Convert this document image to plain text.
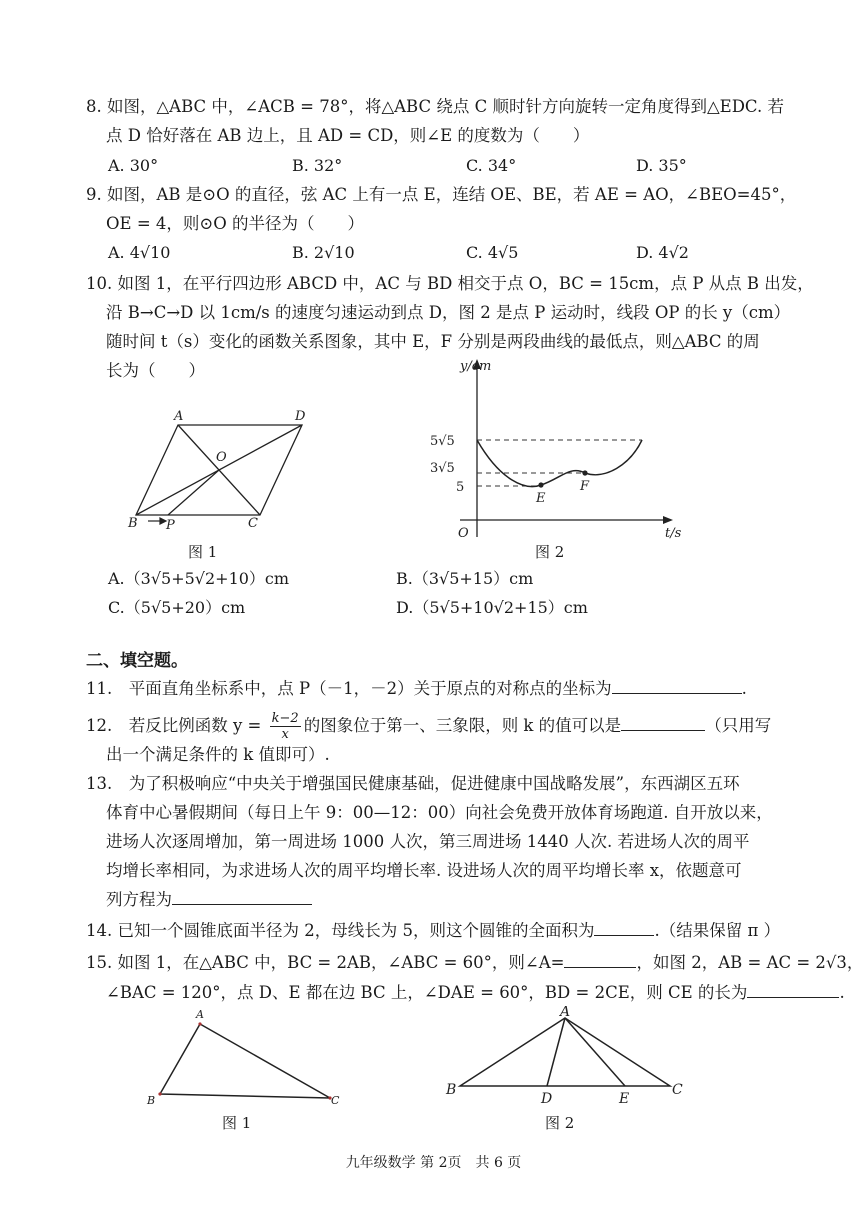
8. 如图，△ABC 中，∠ACB = 78°，将△ABC 绕点 C 顺时针方向旋转一定角度得到△EDC. 若
点 D 恰好落在 AB 边上，且 AD = CD，则∠E 的度数为（　　）
A. 30°	B. 32°	C. 34°	D. 35°
9. 如图，AB 是⊙O 的直径，弦 AC 上有一点 E，连结 OE、BE，若 AE = AO，∠BEO=45°，
OE = 4，则⊙O 的半径为（　　）
A. 4√10	B. 2√10	C. 4√5	D. 4√2
10. 如图 1，在平行四边形 ABCD 中，AC 与 BD 相交于点 O，BC = 15cm，点 P 从点 B 出发，
沿 B→C→D 以 1cm/s 的速度匀速运动到点 D，图 2 是点 P 运动时，线段 OP 的长 y（cm）
随时间 t（s）变化的函数关系图象，其中 E，F 分别是两段曲线的最低点，则△ABC 的周
长为（　　）
A	D
O
B P	C
图 1
y/cm
5√5
3√5
5
O
E
F
t/s
图 2
A.（3√5+5√2+10）cm	B.（3√5+15）cm
C.（5√5+20）cm	D.（5√5+10√2+15）cm
二、填空题。
11.　平面直角坐标系中，点 P（－1，－2）关于原点的对称点的坐标为	.
12.　若反比例函数 $y = \frac{k-2}{x}$ 的图象位于第一、三象限，则 k 的值可以是	（只用写
出一个满足条件的 k 值即可）.
13.　为了积极响应“中央关于增强国民健康基础，促进健康中国战略发展”，东西湖区五环
体育中心暑假期间（每日上午 9：00—12：00）向社会免费开放体育场跑道. 自开放以来，
进场人次逐周增加，第一周进场 1000 人次，第三周进场 1440 人次. 若进场人次的周平
均增长率相同，为求进场人次的周平均增长率. 设进场人次的周平均增长率 x，依题意可
列方程为
14. 已知一个圆锥底面半径为 2，母线长为 5，则这个圆锥的全面积为	.（结果保留 π ）
15. 如图 1，在△ABC 中，BC = 2AB，∠ABC = 60°，则∠A=	，如图 2，AB = AC = 2√3，
∠BAC = 120°，点 D、E 都在边 BC 上，∠DAE = 60°，BD = 2CE，则 CE 的长为	.
A
B	C
图 1
A
B	C
D	E
图 2
九年级数学 第 2页　共 6 页
